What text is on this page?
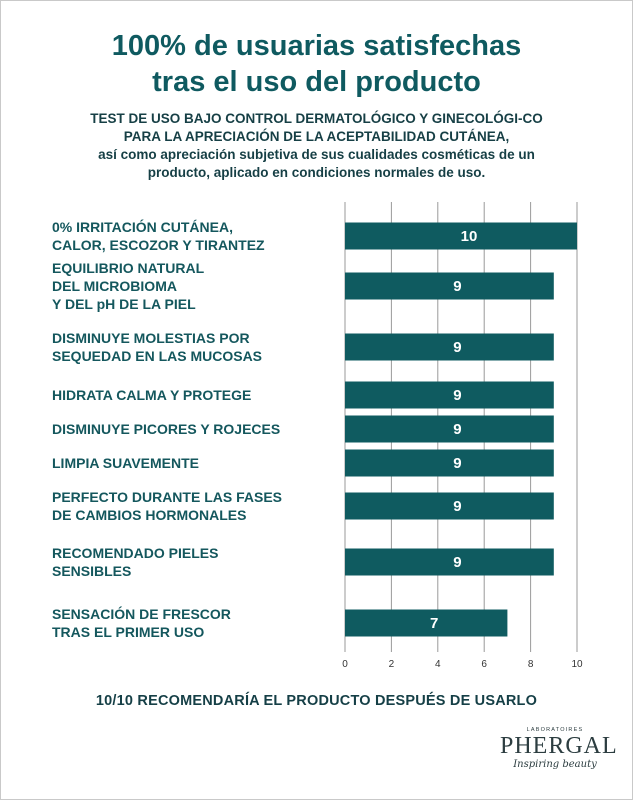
100% de usuarias satisfechas
tras el uso del producto
TEST DE USO BAJO CONTROL DERMATOLÓGICO Y GINECOLÓGI-CO PARA LA APRECIACIÓN DE LA ACEPTABILIDAD CUTÁNEA,
así como apreciación subjetiva de sus cualidades cosméticas de un producto, aplicado en condiciones normales de uso.
10
0% IRRITACIÓN CUTÁNEA, CALOR, ESCOZOR Y TIRANTEZ
9
EQUILIBRIO NATURAL DEL MICROBIOMA Y DEL pH DE LA PIEL
9
DISMINUYE MOLESTIAS POR SEQUEDAD EN LAS MUCOSAS
9
HIDRATA CALMA Y PROTEGE
9
DISMINUYE PICORES Y ROJECES
9
LIMPIA SUAVEMENTE
9
PERFECTO DURANTE LAS FASES DE CAMBIOS HORMONALES
9
RECOMENDADO PIELES SENSIBLES
7
SENSACIÓN DE FRESCOR TRAS EL PRIMER USO
0	2	4	6	8	10
10/10 RECOMENDARÍA EL PRODUCTO DESPUÉS DE USARLO
LABORATOIRES
PHERGAL
Inspiring beauty
